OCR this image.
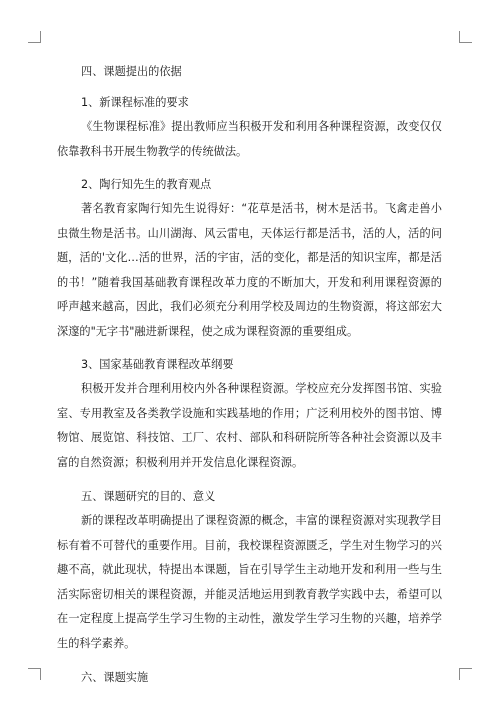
四、课题提出的依据
1、新课程标准的要求

《生物课程标准》提出教师应当积极开发和利用各种课程资源，改变仅仅依靠教科书开展生物教学的传统做法。

2、陶行知先生的教育观点

著名教育家陶行知先生说得好：“花草是活书，树木是活书。飞禽走兽小虫微生物是活书。山川湖海、风云雷电，天体运行都是活书，活的人，活的问题，活的'文化…活的世界，活的宇宙，活的变化，都是活的知识宝库，都是活的书！”随着我国基础教育课程改革力度的不断加大，开发和利用课程资源的呼声越来越高，因此，我们必须充分利用学校及周边的生物资源，将这部宏大深邃的"无字书"融进新课程，使之成为课程资源的重要组成。

3、国家基础教育课程改革纲要

积极开发并合理利用校内外各种课程资源。学校应充分发挥图书馆、实验室、专用教室及各类教学设施和实践基地的作用；广泛利用校外的图书馆、博物馆、展览馆、科技馆、工厂、农村、部队和科研院所等各种社会资源以及丰富的自然资源；积极利用并开发信息化课程资源。

五、课题研究的目的、意义

新的课程改革明确提出了课程资源的概念，丰富的课程资源对实现教学目标有着不可替代的重要作用。目前，我校课程资源匮乏，学生对生物学习的兴趣不高，就此现状，特提出本课题，旨在引导学生主动地开发和利用一些与生活实际密切相关的课程资源，并能灵活地运用到教育教学实践中去，希望可以在一定程度上提高学生学习生物的主动性，激发学生学习生物的兴趣，培养学生的科学素养。

六、课题实施
